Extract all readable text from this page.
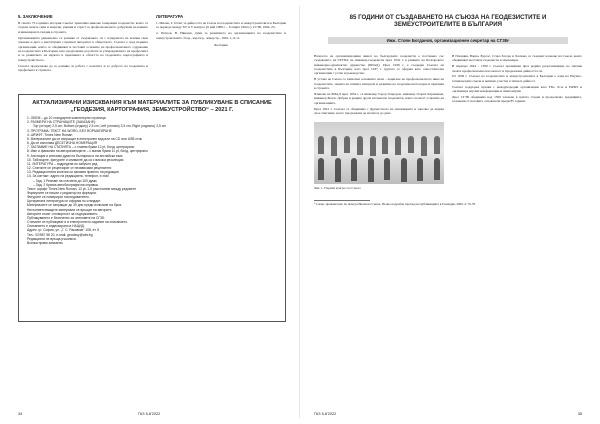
5. ЗАКЛЮЧЕНИЕ

В своята 75-годишна история Съюзът приютява няколко генерации геодезисти, които са отдали своите сили и енергия, умения и страст за професионалното добруване на нашите и инженерната гилдия в страната.

Организацията удивително се развива от създаването си с подкрепата на всички свои членове и днес е институция с признат авторитет в обществото. Съюзът е сред първите организации, които се обединяват и поставят основите на професионалното сдружение на геодезистите в България, като продължава да работи за утвърждаването на професията и за развитието на науката и практиката в областта на геодезията, картографията и земеустройството.

Съюзът продължава да се развива за работа с колегите и за доброто на геодезията и професията в страната.

ЛИТЕРАТУРА

1. Милев, Г. Отчет за дейността на Съюза на геодезистите и земеустроителите в България за периода между XV и V конгрес (9 май 1989 г. – 9 април 1994 г.). СГЗБ, 1994, 25.

2. Петров, В. Няколко думи за развитието на организацията на геодезистите и земеустроителите. Геод., картогр., земеустр., 1991, 1, 6-11.

България

АКТУАЛИЗИРАНИ ИЗИСКВАНИЯ КЪМ МАТЕРИАЛИТЕ ЗА ПУБЛИКУВАНЕ В СПИСАНИЕ
„ГЕОДЕЗИЯ, КАРТОГРАФИЯ, ЗЕМЕУСТРОЙСТВО“ – 2021 Г.

1. ОБЕМ – до 10 стандартни компютърни страници

2. РАЗМЕРИ НА СТРАНИЦИТЕ (ЗАКАЗАНЕ):

Top (отгоре) 2,5 cm; Bottom (отдолу) 2,5 cm; Left (отляво) 2,5 cm; Right (отдясно) 2,5 cm

3. ПРОГРАМА: ТЕКСТ НА WORD, БЕЗ ФОРМАТИРАНЕ

4. ШРИФТ: Times New Roman

5. Материалите да се изпращат в електронен вид или на CD или USB стик

6. Да се използва ДЕСЕТИЧНА НОМЕРАЦИЯ

7. ЗАГЛАВИЕ НА СТАТИЯТА – с главни букви 12 pt, болд, центрирано

8. Име и фамилия на автора/авторите – с малки букви 11 pt, болд, центрирано

9. Анотация и ключови думи на български и на английски език

10. Таблиците, фигурите и снимките да са с висока резолюция

11. ЛИТЕРАТУРА – подредена по азбучен ред

12. Статиите се рецензират от независими рецензенти

13. Редакционната колегия си запазва правото на редакция

14. За контакт: адрес на редакцията, телефон, e-mail

– Зад. 1 Резюме на статията до 100 думи;

– Зад. 2 Кратка автобиографична справка.

Текст: шрифт Times New Roman, 12 pt, 1,5 разстояние между редовете

Формулите се пишат с редактор на формули.

Фигурите се номерират последователно.

Цитираната литература се оформя по стандарт.

Материалите се изпращат до 30 дни преди излизане на броя.

Несъответстващите материали се връщат на авторите.

Авторите носят отговорност за съдържанието.

Публикуването е безплатно за членовете на СГЗБ.

Статиите се публикуват и в електронното издание на списанието.

Списанието е индексирано в НАЦИД.

Адрес: гр. София, ул. „Г. С. Раковски“ 108, ет. 5

Тел.: 02/987 58 20, e-mail: geodesy@abv.bg

Редакцията не връща ръкописи.

Всички права запазени.

34	ГКЗ 5-6'2022
85 ГОДИНИ ОТ СЪЗДАВАНЕТО НА СЪЮЗА НА ГЕОДЕЗИСТИТЕ И ЗЕМЕУСТРОИТЕЛИТЕ В БЪЛГАРИЯ
Инж. Стоян Богданов, организационен секретар на СГЗБ¹

Началото на организационния живот на българските геодезисти е поставено със създаването на ГРУПА на инженер-геодезисти през 1932 г. в рамките на Българското инженерно-архитектно дружество (БИАД). През 1936 г. е създаден Съюзът на геодезистите в България, като през 1937 г. групата се оформя като самостоятелна организация с устав и ръководство.

В устава на Съюза са записани основните цели – издигане на професионалното ниво на геодезистите, защита на техните интереси и развитие на геодезическата наука и практика в страната.

Членове на БИАД през 1934 г. са инженер Тодор Гендоров, инженер Георги Каракашев, инженер Бончо Добрев и редица други изтъкнати геодезисти, които полагат основите на организацията.

През 1941 г. Съюзът се обединява с Дружеството на землемерите и започва да издава свое списание, което продължава да излиза и до днес.

Фиг. 1. Първия конгрес на Съюза

В Пловдив, Варна, Бургас, Стара Загора и Хасково се създават клонове на Съюза, които обединяват местните геодезисти и землемери.

В периода 1944 – 1950 г. Съюзът преминава през редица реорганизации, но запазва своята професионална насоченост и продължава дейността си.

От 1956 г. Съюзът на геодезистите и земеустроителите в България е член на Научно-техническите съюзи и активно участва в тяхната дейност.

Съюзът поддържа връзки с международни организации като FIG, ICA и ISPRS и организира научни конференции и симпозиуми.

Днес СГЗБ обединява над 1500 членове в цялата страна и продължава традициите, заложени от неговите основатели преди 85 години.

¹ Слово, произнесено по повод юбилея на Съюза. Пълно подробен преглед на публикацията в Геомедия, 2009, 4, 76-78.

ГКЗ 5-6'2022	35
